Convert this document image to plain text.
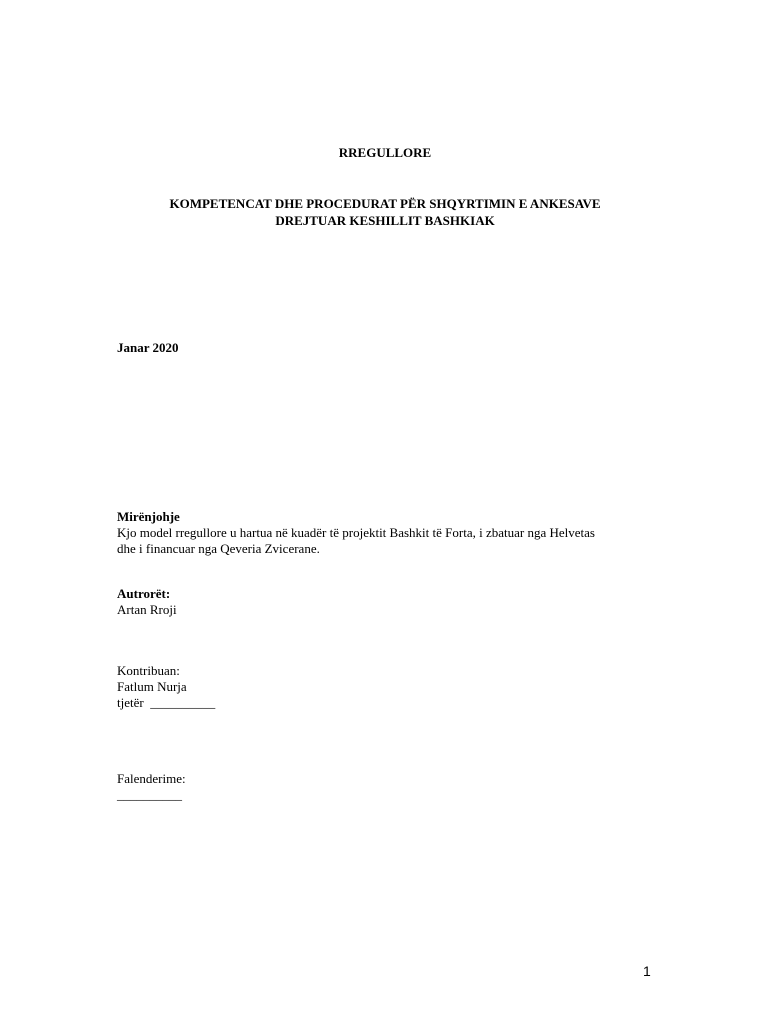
RREGULLORE
KOMPETENCAT DHE PROCEDURAT PËR SHQYRTIMIN E ANKESAVE
DREJTUAR KESHILLIT BASHKIAK
Janar 2020
Mirënjohje
Kjo model rregullore u hartua në kuadër të projektit Bashkit të Forta, i zbatuar nga Helvetas
dhe i financuar nga Qeveria Zvicerane.
Autrorët:
Artan Rroji
Kontribuan:
Fatlum Nurja
tjetër  __________
Falenderime:
__________
1
